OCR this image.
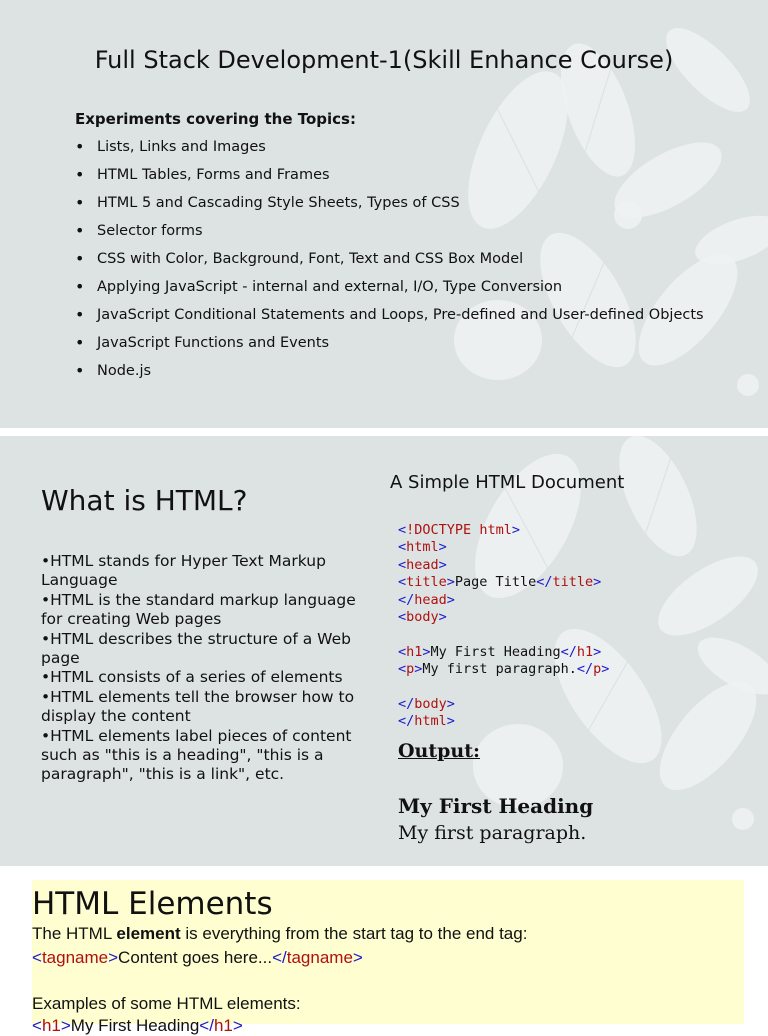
Full Stack Development-1(Skill Enhance Course)
Experiments covering the Topics:
• Lists, Links and Images
• HTML Tables, Forms and Frames
• HTML 5 and Cascading Style Sheets, Types of CSS
• Selector forms
• CSS with Color, Background, Font, Text and CSS Box Model
• Applying JavaScript - internal and external, I/O, Type Conversion
• JavaScript Conditional Statements and Loops, Pre-defined and User-defined Objects
• JavaScript Functions and Events
• Node.js
What is HTML?
•HTML stands for Hyper Text Markup Language
•HTML is the standard markup language for creating Web pages
•HTML describes the structure of a Web page
•HTML consists of a series of elements
•HTML elements tell the browser how to display the content
•HTML elements label pieces of content such as "this is a heading", "this is a paragraph", "this is a link", etc.
A Simple HTML Document
<!DOCTYPE html>
<html>
<head>
<title>Page Title</title>
</head>
<body>

<h1>My First Heading</h1>
<p>My first paragraph.</p>

</body>
</html>
Output:
My First Heading
My first paragraph.
HTML Elements
The HTML element is everything from the start tag to the end tag:
<tagname>Content goes here...</tagname>
Examples of some HTML elements:
<h1>My First Heading</h1>
